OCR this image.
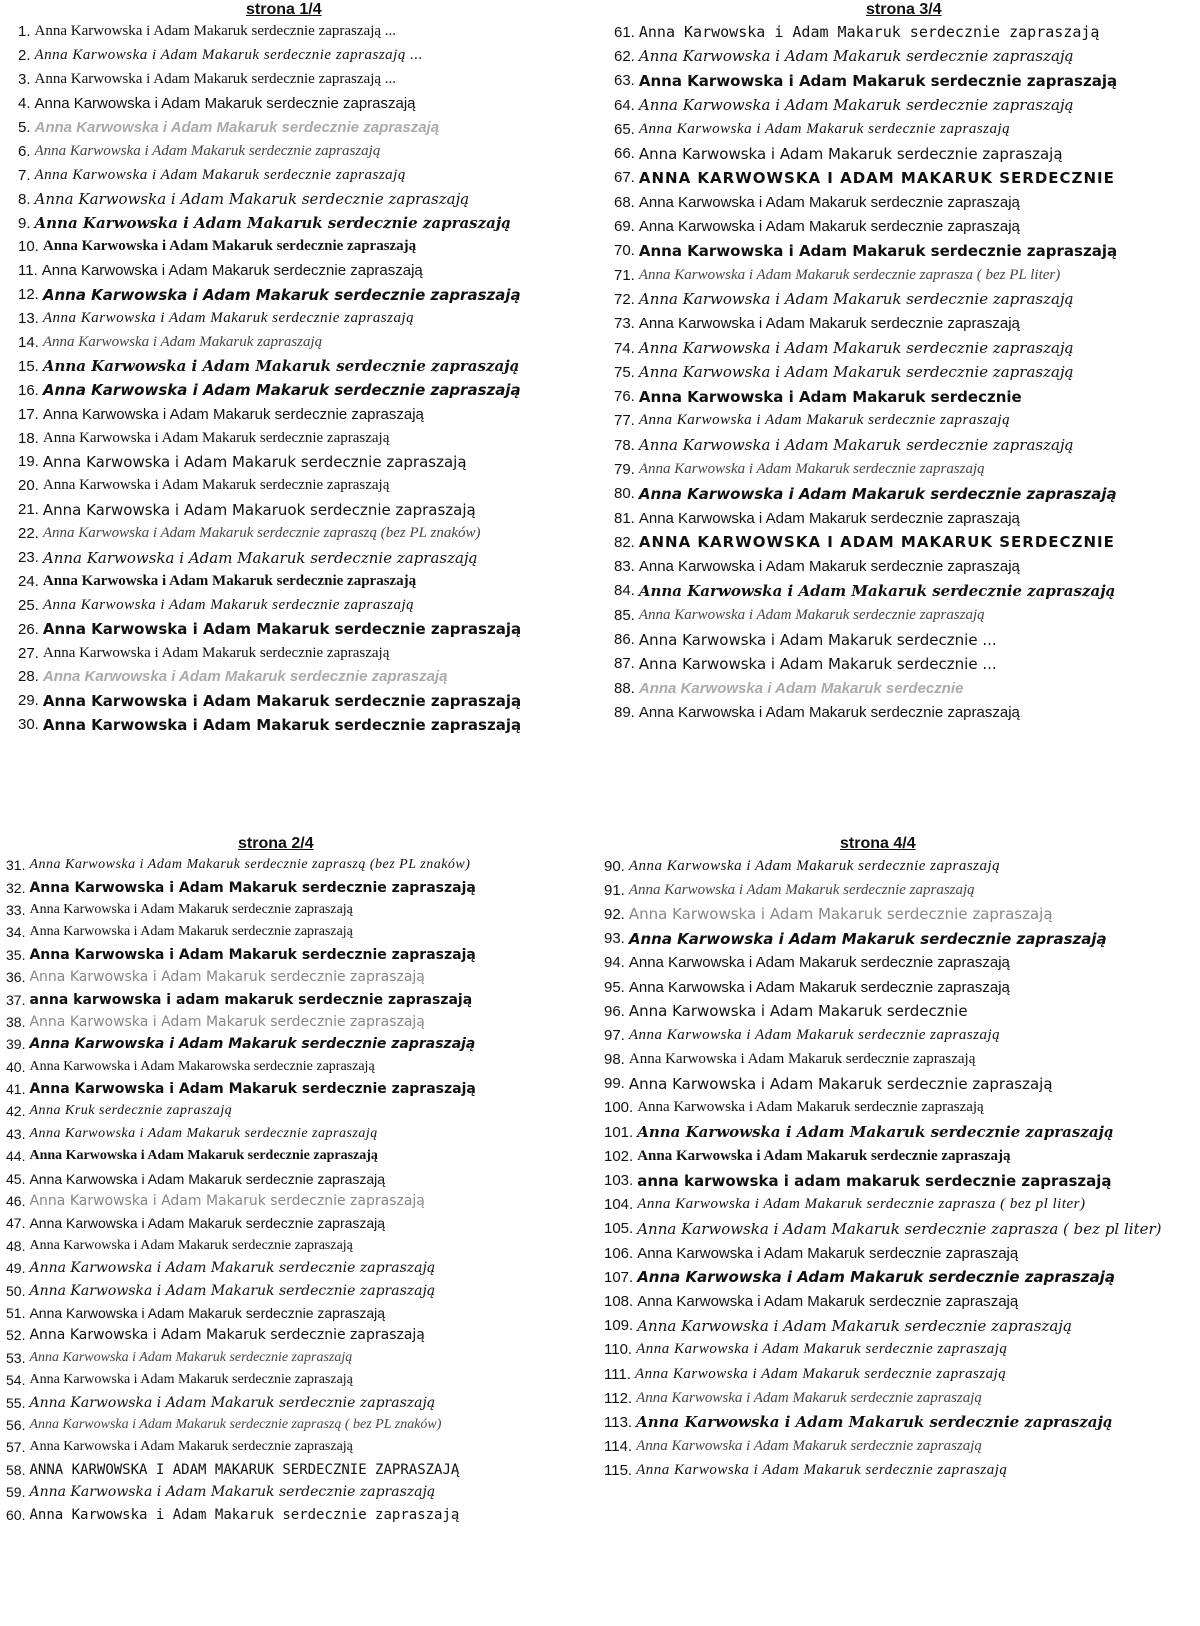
strona 1/4
1. Anna Karwowska i Adam Makaruk serdecznie zapraszają ...
2. Anna Karwowska i Adam Makaruk serdecznie zapraszają ...
3. Anna Karwowska i Adam Makaruk serdecznie zapraszają ...
4. Anna Karwowska i Adam Makaruk serdecznie zapraszają
5. Anna Karwowska i Adam Makaruk serdecznie zapraszają
6. Anna Karwowska i Adam Makaruk serdecznie zapraszają
7. Anna Karwowska i Adam Makaruk serdecznie zapraszają
8. Anna Karwowska i Adam Makaruk serdecznie zapraszają
9. Anna Karwowska i Adam Makaruk serdecznie zapraszają
10. Anna Karwowska i Adam Makaruk serdecznie zapraszają
11. Anna Karwowska i Adam Makaruk serdecznie zapraszają
12. Anna Karwowska i Adam Makaruk serdecznie zapraszają
13. Anna Karwowska i Adam Makaruk serdecznie zapraszają
14. Anna Karwowska i Adam Makaruk zapraszają
15. Anna Karwowska i Adam Makaruk serdecznie zapraszają
16. Anna Karwowska i Adam Makaruk serdecznie zapraszają
17. Anna Karwowska i Adam Makaruk serdecznie zapraszają
18. Anna Karwowska i Adam Makaruk serdecznie zapraszają
19. Anna Karwowska i Adam Makaruk serdecznie zapraszają
20. Anna Karwowska i Adam Makaruk serdecznie zapraszają
21. Anna Karwowska i Adam Makaruok serdecznie zapraszają
22. Anna Karwowska i Adam Makaruk serdecznie zapraszą (bez PL znaków)
23. Anna Karwowska i Adam Makaruk serdecznie zapraszają
24. Anna Karwowska i Adam Makaruk serdecznie zapraszają
25. Anna Karwowska i Adam Makaruk serdecznie zapraszają
26. Anna Karwowska i Adam Makaruk serdecznie zapraszają
27. Anna Karwowska i Adam Makaruk serdecznie zapraszają
28. Anna Karwowska i Adam Makaruk serdecznie zapraszają
29. Anna Karwowska i Adam Makaruk serdecznie zapraszają
30. Anna Karwowska i Adam Makaruk serdecznie zapraszają
strona 3/4
61. Anna Karwowska i Adam Makaruk serdecznie zapraszają
62. Anna Karwowska i Adam Makaruk serdecznie zapraszają
63. Anna Karwowska i Adam Makaruk serdecznie zapraszają
64. Anna Karwowska i Adam Makaruk serdecznie zapraszają
65. Anna Karwowska i Adam Makaruk serdecznie zapraszają
66. Anna Karwowska i Adam Makaruk serdecznie zapraszają
67. ANNA KARWOWSKA I ADAM MAKARUK SERDECZNIE
68. Anna Karwowska i Adam Makaruk serdecznie zapraszają
69. Anna Karwowska i Adam Makaruk serdecznie zapraszają
70. Anna Karwowska i Adam Makaruk serdecznie zapraszają
71. Anna Karwowska i Adam Makaruk serdecznie zaprasza ( bez PL liter)
72. Anna Karwowska i Adam Makaruk serdecznie zapraszają
73. Anna Karwowska i Adam Makaruk serdecznie zapraszają
74. Anna Karwowska i Adam Makaruk serdecznie zapraszają
75. Anna Karwowska i Adam Makaruk serdecznie zapraszają
76. Anna Karwowska i Adam Makaruk serdecznie
77. Anna Karwowska i Adam Makaruk serdecznie zapraszają
78. Anna Karwowska i Adam Makaruk serdecznie zapraszają
79. Anna Karwowska i Adam Makaruk serdecznie zapraszają
80. Anna Karwowska i Adam Makaruk serdecznie zapraszają
81. Anna Karwowska i Adam Makaruk serdecznie zapraszają
82. ANNA KARWOWSKA I ADAM MAKARUK SERDECZNIE
83. Anna Karwowska i Adam Makaruk serdecznie zapraszają
84. Anna Karwowska i Adam Makaruk serdecznie zapraszają
85. Anna Karwowska i Adam Makaruk serdecznie zapraszają
86. Anna Karwowska i Adam Makaruk serdecznie ...
87. Anna Karwowska i Adam Makaruk serdecznie ...
88. Anna Karwowska i Adam Makaruk serdecznie
89. Anna Karwowska i Adam Makaruk serdecznie zapraszają
strona 2/4
31. Anna Karwowska i Adam Makaruk serdecznie zapraszą (bez PL znaków)
32. Anna Karwowska i Adam Makaruk serdecznie zapraszają
33. Anna Karwowska i Adam Makaruk serdecznie zapraszają
34. Anna Karwowska i Adam Makaruk serdecznie zapraszają
35. Anna Karwowska i Adam Makaruk serdecznie zapraszają
36. Anna Karwowska i Adam Makaruk serdecznie zapraszają
37. anna karwowska i adam makaruk serdecznie zapraszają
38. Anna Karwowska i Adam Makaruk serdecznie zapraszają
39. Anna Karwowska i Adam Makaruk serdecznie zapraszają
40. Anna Karwowska i Adam Makarowska serdecznie zapraszają
41. Anna Karwowska i Adam Makaruk serdecznie zapraszają
42. Anna Kruk serdecznie zapraszają
43. Anna Karwowska i Adam Makaruk serdecznie zapraszają
44. Anna Karwowska i Adam Makaruk serdecznie zapraszają
45. Anna Karwowska i Adam Makaruk serdecznie zapraszają
46. Anna Karwowska i Adam Makaruk serdecznie zapraszają
47. Anna Karwowska i Adam Makaruk serdecznie zapraszają
48. Anna Karwowska i Adam Makaruk serdecznie zapraszają
49. Anna Karwowska i Adam Makaruk serdecznie zapraszają
50. Anna Karwowska i Adam Makaruk serdecznie zapraszają
51. Anna Karwowska i Adam Makaruk serdecznie zapraszają
52. Anna Karwowska i Adam Makaruk serdecznie zapraszają
53. Anna Karwowska i Adam Makaruk serdecznie zapraszają
54. Anna Karwowska i Adam Makaruk serdecznie zapraszają
55. Anna Karwowska i Adam Makaruk serdecznie zapraszają
56. Anna Karwowska i Adam Makaruk serdecznie zapraszą ( bez PL znaków)
57. Anna Karwowska i Adam Makaruk serdecznie zapraszają
58. ANNA KARWOWSKA I ADAM MAKARUK SERDECZNIE ZAPRASZAJĄ
59. Anna Karwowska i Adam Makaruk serdecznie zapraszają
60. Anna Karwowska i Adam Makaruk serdecznie zapraszają
strona 4/4
90. Anna Karwowska i Adam Makaruk serdecznie zapraszają
91. Anna Karwowska i Adam Makaruk serdecznie zapraszają
92. Anna Karwowska i Adam Makaruk serdecznie zapraszają
93. Anna Karwowska i Adam Makaruk serdecznie zapraszają
94. Anna Karwowska i Adam Makaruk serdecznie zapraszają
95. Anna Karwowska i Adam Makaruk serdecznie zapraszają
96. Anna Karwowska i Adam Makaruk serdecznie
97. Anna Karwowska i Adam Makaruk serdecznie zapraszają
98. Anna Karwowska i Adam Makaruk serdecznie zapraszają
99. Anna Karwowska i Adam Makaruk serdecznie zapraszają
100. Anna Karwowska i Adam Makaruk serdecznie zapraszają
101. Anna Karwowska i Adam Makaruk serdecznie zapraszają
102. Anna Karwowska i Adam Makaruk serdecznie zapraszają
103. anna karwowska i adam makaruk serdecznie zapraszają
104. Anna Karwowska i Adam Makaruk serdecznie zaprasza ( bez pl liter)
105. Anna Karwowska i Adam Makaruk serdecznie zaprasza ( bez pl liter)
106. Anna Karwowska i Adam Makaruk serdecznie zapraszają
107. Anna Karwowska i Adam Makaruk serdecznie zapraszają
108. Anna Karwowska i Adam Makaruk serdecznie zapraszają
109. Anna Karwowska i Adam Makaruk serdecznie zapraszają
110. Anna Karwowska i Adam Makaruk serdecznie zapraszają
111. Anna Karwowska i Adam Makaruk serdecznie zapraszają
112. Anna Karwowska i Adam Makaruk serdecznie zapraszają
113. Anna Karwowska i Adam Makaruk serdecznie zapraszają
114. Anna Karwowska i Adam Makaruk serdecznie zapraszają
115. Anna Karwowska i Adam Makaruk serdecznie zapraszają
